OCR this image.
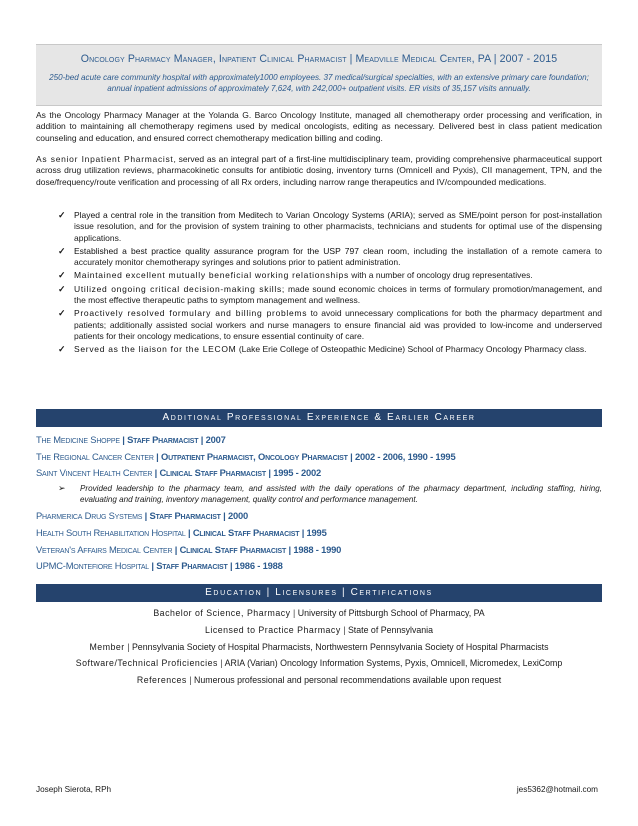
Oncology Pharmacy Manager, Inpatient Clinical Pharmacist | Meadville Medical Center, PA | 2007 - 2015
250-bed acute care community hospital with approximately1000 employees. 37 medical/surgical specialties, with an extensive primary care foundation;
annual inpatient admissions of approximately 7,624, with 242,000+ outpatient visits. ER visits of 35,157 visits annually.
As the Oncology Pharmacy Manager at the Yolanda G. Barco Oncology Institute, managed all chemotherapy order processing and verification, in addition to maintaining all chemotherapy regimens used by medical oncologists, editing as necessary. Delivered best in class patient medication counseling and education, and ensured correct chemotherapy medication billing and coding.
As senior Inpatient Pharmacist, served as an integral part of a first-line multidisciplinary team, providing comprehensive pharmaceutical support across drug utilization reviews, pharmacokinetic consults for antibiotic dosing, inventory turns (Omnicell and Pyxis), CII management, TPN, and the dose/frequency/route verification and processing of all Rx orders, including narrow range therapeutics and IV/compounded medications.
✓ Played a central role in the transition from Meditech to Varian Oncology Systems (ARIA); served as SME/point person for post-installation issue resolution, and for the provision of system training to other pharmacists, technicians and students for optimal use of the dispensing applications.
✓ Established a best practice quality assurance program for the USP 797 clean room, including the installation of a remote camera to accurately monitor chemotherapy syringes and solutions prior to patient administration.
✓ Maintained excellent mutually beneficial working relationships with a number of oncology drug representatives.
✓ Utilized ongoing critical decision-making skills; made sound economic choices in terms of formulary promotion/management, and the most effective therapeutic paths to symptom management and wellness.
✓ Proactively resolved formulary and billing problems to avoid unnecessary complications for both the pharmacy department and patients; additionally assisted social workers and nurse managers to ensure financial aid was provided to low-income and underserved patients for their oncology medications, to ensure essential continuity of care.
✓ Served as the liaison for the LECOM (Lake Erie College of Osteopathic Medicine) School of Pharmacy Oncology Pharmacy class.
Additional Professional Experience & Earlier Career
The Medicine Shoppe | Staff Pharmacist | 2007
The Regional Cancer Center | Outpatient Pharmacist, Oncology Pharmacist | 2002 - 2006, 1990 - 1995
Saint Vincent Health Center | Clinical Staff Pharmacist | 1995 - 2002
➢ Provided leadership to the pharmacy team, and assisted with the daily operations of the pharmacy department, including staffing, hiring, evaluating and training, inventory management, quality control and performance management.
Pharmerica Drug Systems | Staff Pharmacist | 2000
Health South Rehabilitation Hospital | Clinical Staff Pharmacist | 1995
Veteran's Affairs Medical Center | Clinical Staff Pharmacist | 1988 - 1990
UPMC-Montefiore Hospital | Staff Pharmacist | 1986 - 1988
Education | Licensures | Certifications
Bachelor of Science, Pharmacy | University of Pittsburgh School of Pharmacy, PA
Licensed to Practice Pharmacy | State of Pennsylvania
Member | Pennsylvania Society of Hospital Pharmacists, Northwestern Pennsylvania Society of Hospital Pharmacists
Software/Technical Proficiencies | ARIA (Varian) Oncology Information Systems, Pyxis, Omnicell, Micromedex, LexiComp
References | Numerous professional and personal recommendations available upon request
Joseph Sierota, RPh	jes5362@hotmail.com
